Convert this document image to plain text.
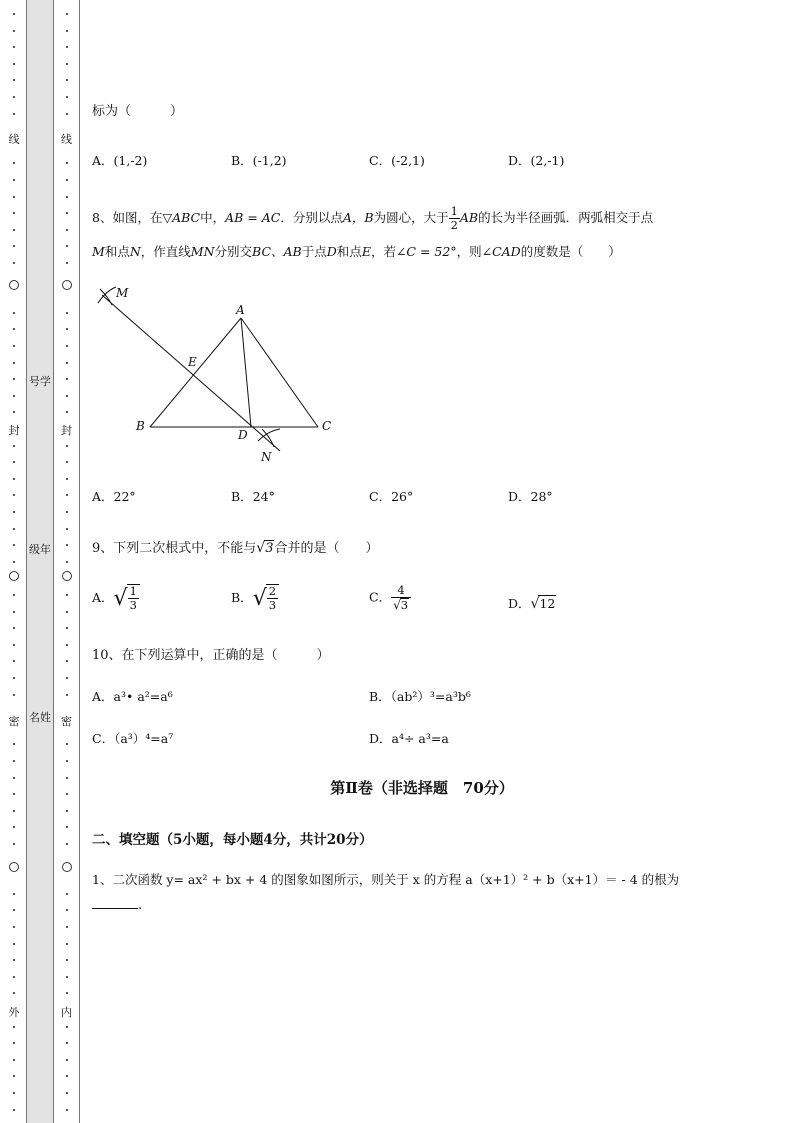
线
封
密
外
号学
级年
名姓
线
封
密
内
标为（　　　）
A．(1,-2)	B．(-1,2)	C．(-2,1)	D．(2,-1)
8、如图，在▽ABC中，AB = AC．分别以点A，B为圆心，大于 $\frac{1}{2}$ AB的长为半径画弧．两弧相交于点
M和点N，作直线MN分别交BC、AB于点D和点E，若∠C = 52°，则∠CAD的度数是（　　）
A．22°	B．24°	C．26°	D．28°
9、下列二次根式中，不能与√3合并的是（　　）
A．√ $\frac{1}{3}$	B．√ $\frac{2}{3}$	C． $\frac{4}{√3}$	D．√12
10、在下列运算中，正确的是（　　　）
A．a³• a²=a⁶	B．（ab²）³=a³b⁶
C．（a³）⁴=a⁷	D．a⁴÷ a³=a
第Ⅱ卷（非选择题　70分）
二、填空题（5小题，每小题4分，共计20分）
1、二次函数 y= ax² + bx + 4 的图象如图所示，则关于 x 的方程 a（x+1）² + b（x+1）＝ - 4 的根为
.
M
A
E
B
D
C
N
